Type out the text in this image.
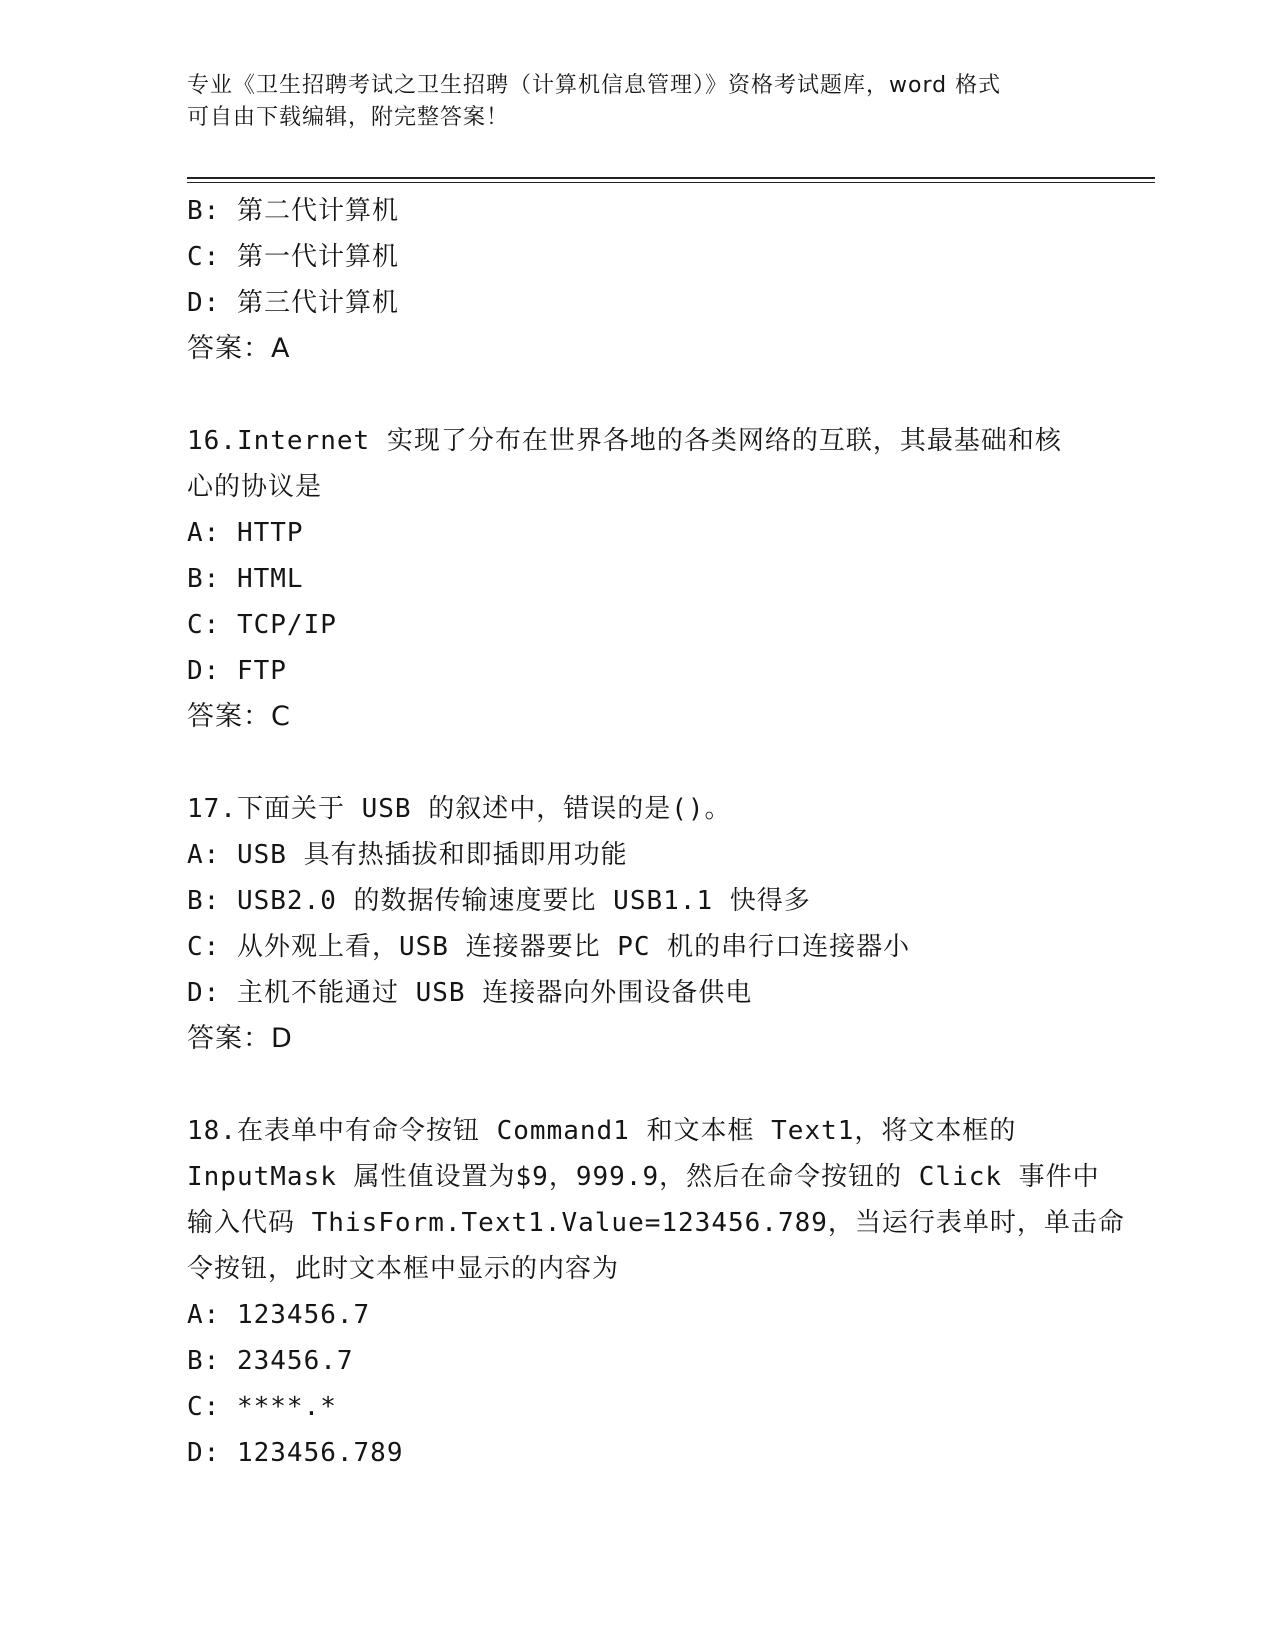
专业《卫生招聘考试之卫生招聘（计算机信息管理）》资格考试题库，word 格式
可自由下载编辑，附完整答案！
B: 第二代计算机
C: 第一代计算机
D: 第三代计算机
答案：A
16.Internet 实现了分布在世界各地的各类网络的互联，其最基础和核
心的协议是
A: HTTP
B: HTML
C: TCP/IP
D: FTP
答案：C
17.下面关于 USB 的叙述中，错误的是()。
A: USB 具有热插拔和即插即用功能
B: USB2.0 的数据传输速度要比 USB1.1 快得多
C: 从外观上看，USB 连接器要比 PC 机的串行口连接器小
D: 主机不能通过 USB 连接器向外围设备供电
答案：D
18.在表单中有命令按钮 Command1 和文本框 Text1，将文本框的
InputMask 属性值设置为$9，999.9，然后在命令按钮的 Click 事件中
输入代码 ThisForm.Text1.Value=123456.789，当运行表单时，单击命
令按钮，此时文本框中显示的内容为
A: 123456.7
B: 23456.7
C: ****.*
D: 123456.789
